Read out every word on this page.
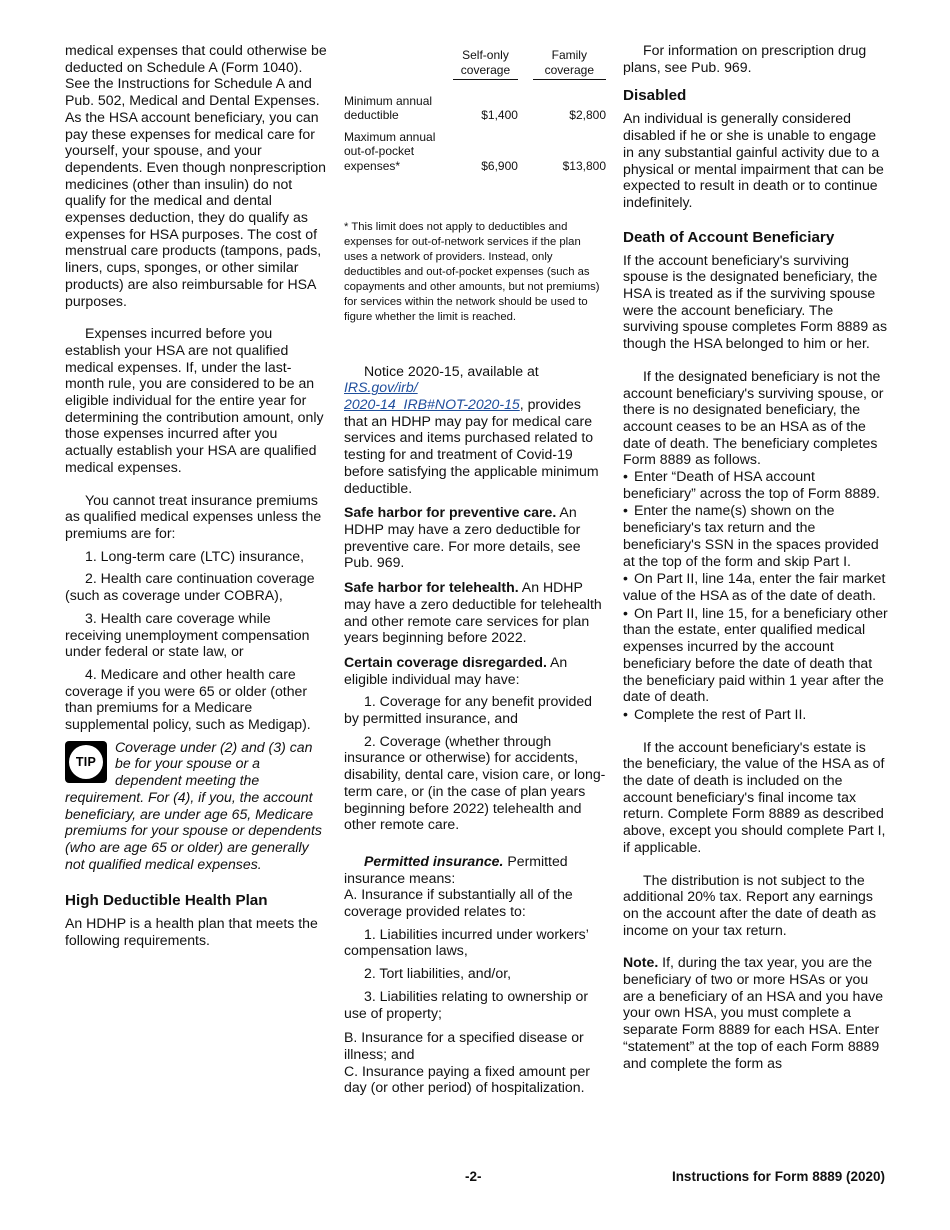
medical expenses that could otherwise be deducted on Schedule A (Form 1040). See the Instructions for Schedule A and Pub. 502, Medical and Dental Expenses. As the HSA account beneficiary, you can pay these expenses for medical care for yourself, your spouse, and your dependents. Even though nonprescription medicines (other than insulin) do not qualify for the medical and dental expenses deduction, they do qualify as expenses for HSA purposes. The cost of menstrual care products (tampons, pads, liners, cups, sponges, or other similar products) are also reimbursable for HSA purposes.

Expenses incurred before you establish your HSA are not qualified medical expenses. If, under the last-month rule, you are considered to be an eligible individual for the entire year for determining the contribution amount, only those expenses incurred after you actually establish your HSA are qualified medical expenses.

You cannot treat insurance premiums as qualified medical expenses unless the premiums are for:

1. Long-term care (LTC) insurance,

2. Health care continuation coverage (such as coverage under COBRA),

3. Health care coverage while receiving unemployment compensation under federal or state law, or

4. Medicare and other health care coverage if you were 65 or older (other than premiums for a Medicare supplemental policy, such as Medigap).

TIP

Coverage under (2) and (3) can be for your spouse or a dependent meeting the requirement. For (4), if you, the account beneficiary, are under age 65, Medicare premiums for your spouse or dependents (who are age 65 or older) are generally not qualified medical expenses.

High Deductible Health Plan

An HDHP is a health plan that meets the following requirements.

	Self-only coverage		Family coverage
Minimum annual deductible	$1,400		$2,800
Maximum annual out-of-pocket expenses*	$6,900		$13,800

* This limit does not apply to deductibles and expenses for out-of-network services if the plan uses a network of providers. Instead, only deductibles and out-of-pocket expenses (such as copayments and other amounts, but not premiums) for services within the network should be used to figure whether the limit is reached.

Notice 2020-15, available at
IRS.gov/irb/
2020-14_IRB#NOT-2020-15, provides that an HDHP may pay for medical care services and items purchased related to testing for and treatment of Covid-19 before satisfying the applicable minimum deductible.

Safe harbor for preventive care. An HDHP may have a zero deductible for preventive care. For more details, see Pub. 969.

Safe harbor for telehealth. An HDHP may have a zero deductible for telehealth and other remote care services for plan years beginning before 2022.

Certain coverage disregarded. An eligible individual may have:

1. Coverage for any benefit provided by permitted insurance, and

2. Coverage (whether through insurance or otherwise) for accidents, disability, dental care, vision care, or long-term care, or (in the case of plan years beginning before 2022) telehealth and other remote care.

Permitted insurance. Permitted insurance means:

A. Insurance if substantially all of the coverage provided relates to:

1. Liabilities incurred under workers’ compensation laws,

2. Tort liabilities, and/or,

3. Liabilities relating to ownership or use of property;

B. Insurance for a specified disease or illness; and

C. Insurance paying a fixed amount per day (or other period) of hospitalization.

For information on prescription drug plans, see Pub. 969.

Disabled

An individual is generally considered disabled if he or she is unable to engage in any substantial gainful activity due to a physical or mental impairment that can be expected to result in death or to continue indefinitely.

Death of Account Beneficiary

If the account beneficiary's surviving spouse is the designated beneficiary, the HSA is treated as if the surviving spouse were the account beneficiary. The surviving spouse completes Form 8889 as though the HSA belonged to him or her.

If the designated beneficiary is not the account beneficiary's surviving spouse, or there is no designated beneficiary, the account ceases to be an HSA as of the date of death. The beneficiary completes Form 8889 as follows.

• Enter “Death of HSA account beneficiary” across the top of Form 8889.

• Enter the name(s) shown on the beneficiary's tax return and the beneficiary's SSN in the spaces provided at the top of the form and skip Part I.

• On Part II, line 14a, enter the fair market value of the HSA as of the date of death.

• On Part II, line 15, for a beneficiary other than the estate, enter qualified medical expenses incurred by the account beneficiary before the date of death that the beneficiary paid within 1 year after the date of death.

• Complete the rest of Part II.

If the account beneficiary's estate is the beneficiary, the value of the HSA as of the date of death is included on the account beneficiary's final income tax return. Complete Form 8889 as described above, except you should complete Part I, if applicable.

The distribution is not subject to the additional 20% tax. Report any earnings on the account after the date of death as income on your tax return.

Note. If, during the tax year, you are the beneficiary of two or more HSAs or you are a beneficiary of an HSA and you have your own HSA, you must complete a separate Form 8889 for each HSA. Enter “statement” at the top of each Form 8889 and complete the form as

-2-	Instructions for Form 8889 (2020)
